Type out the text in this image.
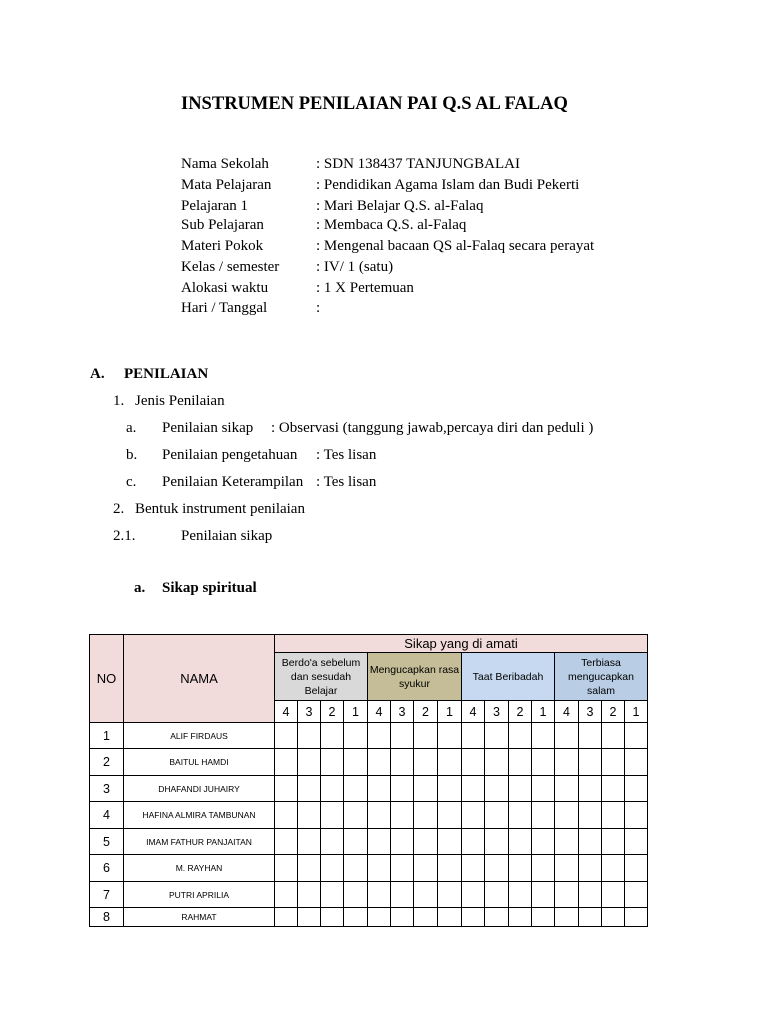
INSTRUMEN PENILAIAN PAI Q.S AL FALAQ
Nama Sekolah	: SDN 138437 TANJUNGBALAI
Mata Pelajaran	: Pendidikan Agama Islam dan Budi Pekerti
Pelajaran 1	: Mari Belajar Q.S. al-Falaq
Sub Pelajaran	: Membaca Q.S. al-Falaq
Materi Pokok	: Mengenal bacaan QS al-Falaq secara perayat
Kelas / semester : IV/ 1 (satu)
Alokasi waktu	: 1 X Pertemuan
Hari / Tanggal	:
A. PENILAIAN
1. Jenis Penilaian
a. Penilaian sikap : Observasi (tanggung jawab,percaya diri dan peduli )
b. Penilaian pengetahuan : Tes lisan
c. Penilaian Keterampilan : Tes lisan
2. Bentuk instrument penilaian
2.1.	Penilaian sikap
a. Sikap spiritual
NO	NAMA	Sikap yang di amati															
		Berdo'a sebelum dan sesudah Belajar				Mengucapkan rasa syukur				Taat Beribadah				Terbiasa mengucapkan salam			
		4	3	2	1	4	3	2	1	4	3	2	1	4	3	2	1
1	ALIF FIRDAUS																
2	BAITUL HAMDI																
3	DHAFANDI JUHAIRY																
4	HAFINA ALMIRA TAMBUNAN																
5	IMAM FATHUR PANJAITAN																
6	M. RAYHAN																
7	PUTRI APRILIA																
8	RAHMAT																
